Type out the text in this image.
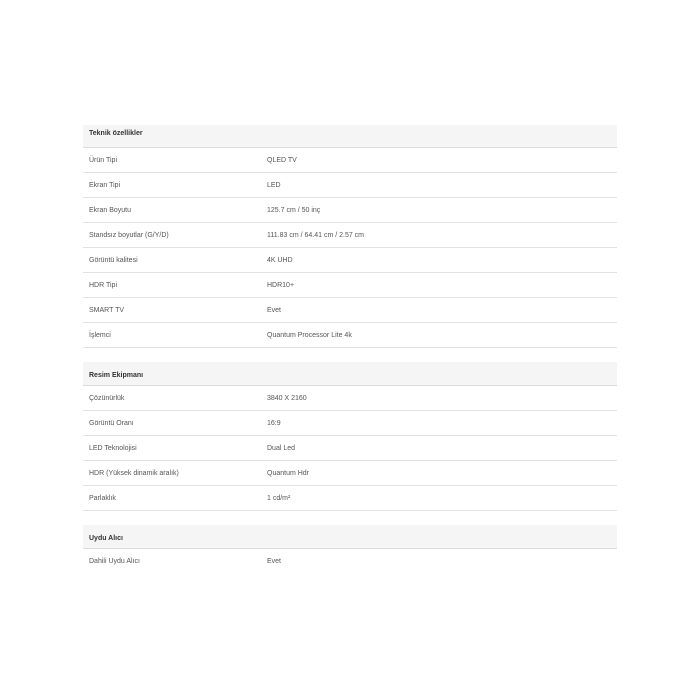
Teknik özellikler
Ürün Tipi	QLED TV
Ekran Tipi	LED
Ekran Boyutu	125.7 cm / 50 inç
Standsız boyutlar (G/Y/D)	111.83 cm / 64.41 cm / 2.57 cm
Görüntü kalitesi	4K UHD
HDR Tipi	HDR10+
SMART TV	Evet
İşlemci	Quantum Processor Lite 4k
Resim Ekipmanı
Çözünürlük	3840 X 2160
Görüntü Oranı	16:9
LED Teknolojisi	Dual Led
HDR (Yüksek dinamik aralık)	Quantum Hdr
Parlaklık	1 cd/m²
Uydu Alıcı
Dahili Uydu Alıcı	Evet
